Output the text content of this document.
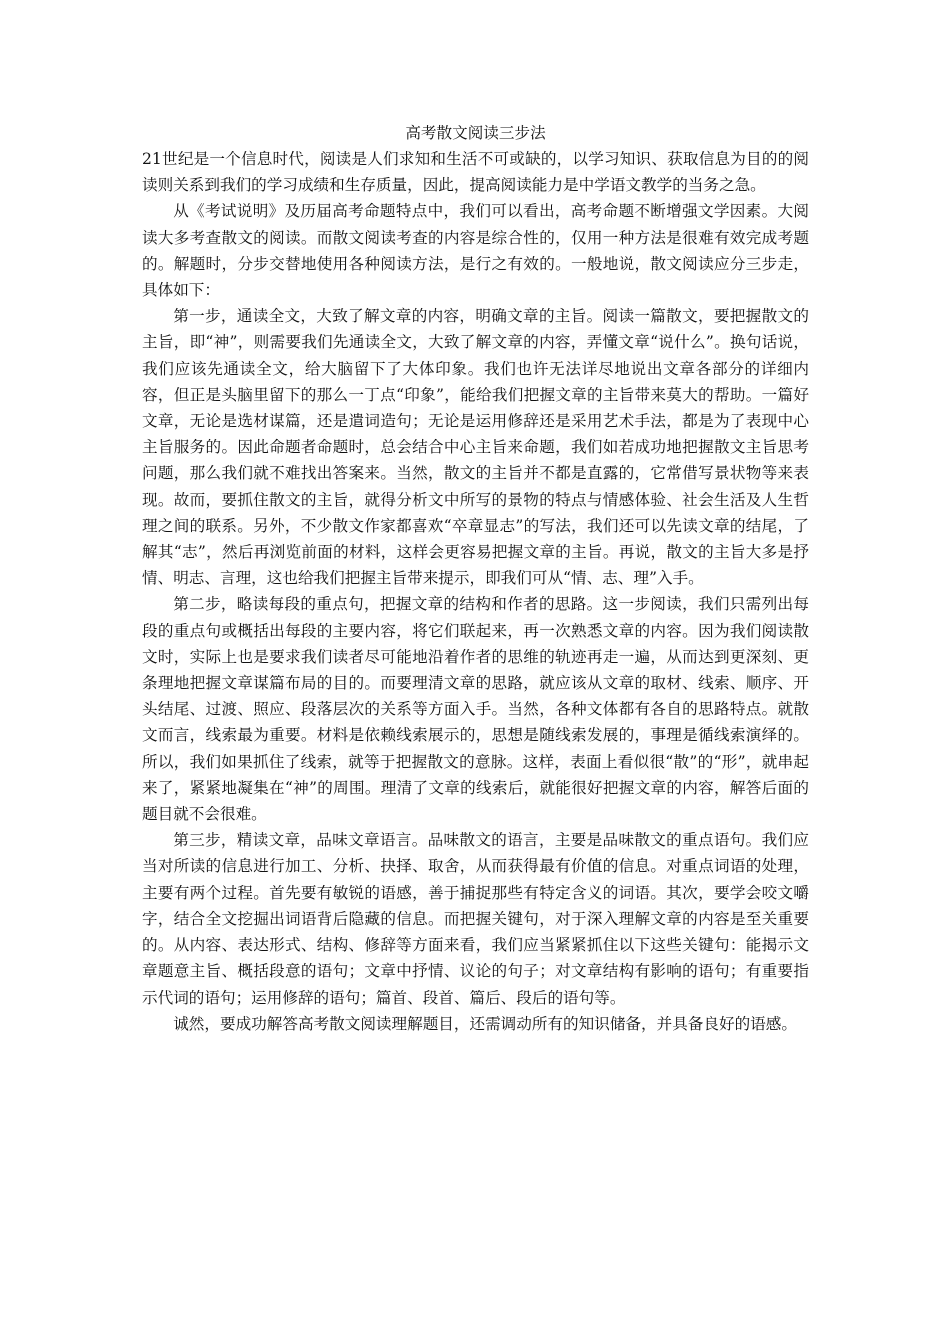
高考散文阅读三步法

21世纪是一个信息时代，阅读是人们求知和生活不可或缺的，以学习知识、获取信息为目的的阅读则关系到我们的学习成绩和生存质量，因此，提高阅读能力是中学语文教学的当务之急。

从《考试说明》及历届高考命题特点中，我们可以看出，高考命题不断增强文学因素。大阅读大多考查散文的阅读。而散文阅读考查的内容是综合性的，仅用一种方法是很难有效完成考题的。解题时，分步交替地使用各种阅读方法，是行之有效的。一般地说，散文阅读应分三步走，具体如下：

第一步，通读全文，大致了解文章的内容，明确文章的主旨。阅读一篇散文，要把握散文的主旨，即“神”，则需要我们先通读全文，大致了解文章的内容，弄懂文章“说什么”。换句话说，我们应该先通读全文，给大脑留下了大体印象。我们也许无法详尽地说出文章各部分的详细内容，但正是头脑里留下的那么一丁点“印象”，能给我们把握文章的主旨带来莫大的帮助。一篇好文章，无论是选材谋篇，还是遣词造句；无论是运用修辞还是采用艺术手法，都是为了表现中心主旨服务的。因此命题者命题时，总会结合中心主旨来命题，我们如若成功地把握散文主旨思考问题，那么我们就不难找出答案来。当然，散文的主旨并不都是直露的，它常借写景状物等来表现。故而，要抓住散文的主旨，就得分析文中所写的景物的特点与情感体验、社会生活及人生哲理之间的联系。另外，不少散文作家都喜欢“卒章显志”的写法，我们还可以先读文章的结尾，了解其“志”，然后再浏览前面的材料，这样会更容易把握文章的主旨。再说，散文的主旨大多是抒情、明志、言理，这也给我们把握主旨带来提示，即我们可从“情、志、理”入手。

第二步，略读每段的重点句，把握文章的结构和作者的思路。这一步阅读，我们只需列出每段的重点句或概括出每段的主要内容，将它们联起来，再一次熟悉文章的内容。因为我们阅读散文时，实际上也是要求我们读者尽可能地沿着作者的思维的轨迹再走一遍，从而达到更深刻、更条理地把握文章谋篇布局的目的。而要理清文章的思路，就应该从文章的取材、线索、顺序、开头结尾、过渡、照应、段落层次的关系等方面入手。当然，各种文体都有各自的思路特点。就散文而言，线索最为重要。材料是依赖线索展示的，思想是随线索发展的，事理是循线索演绎的。所以，我们如果抓住了线索，就等于把握散文的意脉。这样，表面上看似很“散”的“形”，就串起来了，紧紧地凝集在“神”的周围。理清了文章的线索后，就能很好把握文章的内容，解答后面的题目就不会很难。

第三步，精读文章，品味文章语言。品味散文的语言，主要是品味散文的重点语句。我们应当对所读的信息进行加工、分析、抉择、取舍，从而获得最有价值的信息。对重点词语的处理，主要有两个过程。首先要有敏锐的语感，善于捕捉那些有特定含义的词语。其次，要学会咬文嚼字，结合全文挖掘出词语背后隐藏的信息。而把握关键句，对于深入理解文章的内容是至关重要的。从内容、表达形式、结构、修辞等方面来看，我们应当紧紧抓住以下这些关键句：能揭示文章题意主旨、概括段意的语句；文章中抒情、议论的句子；对文章结构有影响的语句；有重要指示代词的语句；运用修辞的语句；篇首、段首、篇后、段后的语句等。

诚然，要成功解答高考散文阅读理解题目，还需调动所有的知识储备，并具备良好的语感。
